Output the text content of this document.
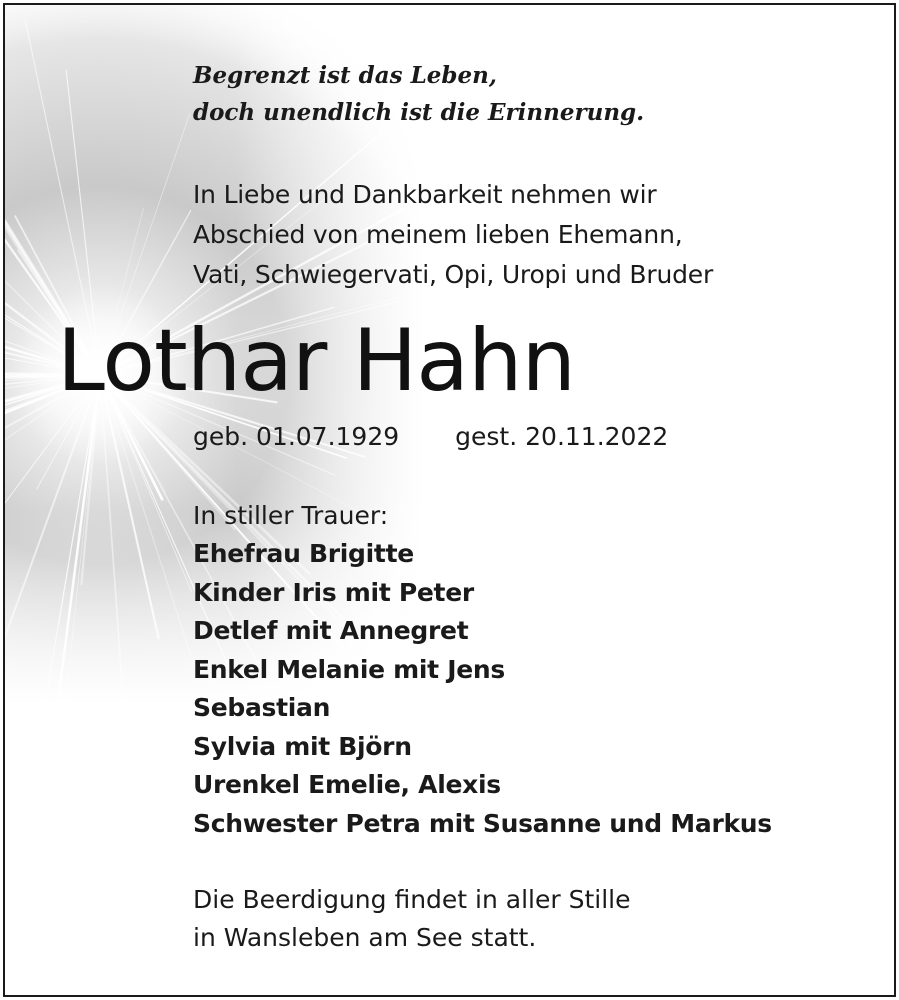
Begrenzt ist das Leben,
doch unendlich ist die Erinnerung.
In Liebe und Dankbarkeit nehmen wir
Abschied von meinem lieben Ehemann,
Vati, Schwiegervati, Opi, Uropi und Bruder
Lothar Hahn
geb. 01.07.1929 gest. 20.11.2022
In stiller Trauer:
Ehefrau Brigitte
Kinder Iris mit Peter
Detlef mit Annegret
Enkel Melanie mit Jens
Sebastian
Sylvia mit Björn
Urenkel Emelie, Alexis
Schwester Petra mit Susanne und Markus
Die Beerdigung findet in aller Stille
in Wansleben am See statt.
